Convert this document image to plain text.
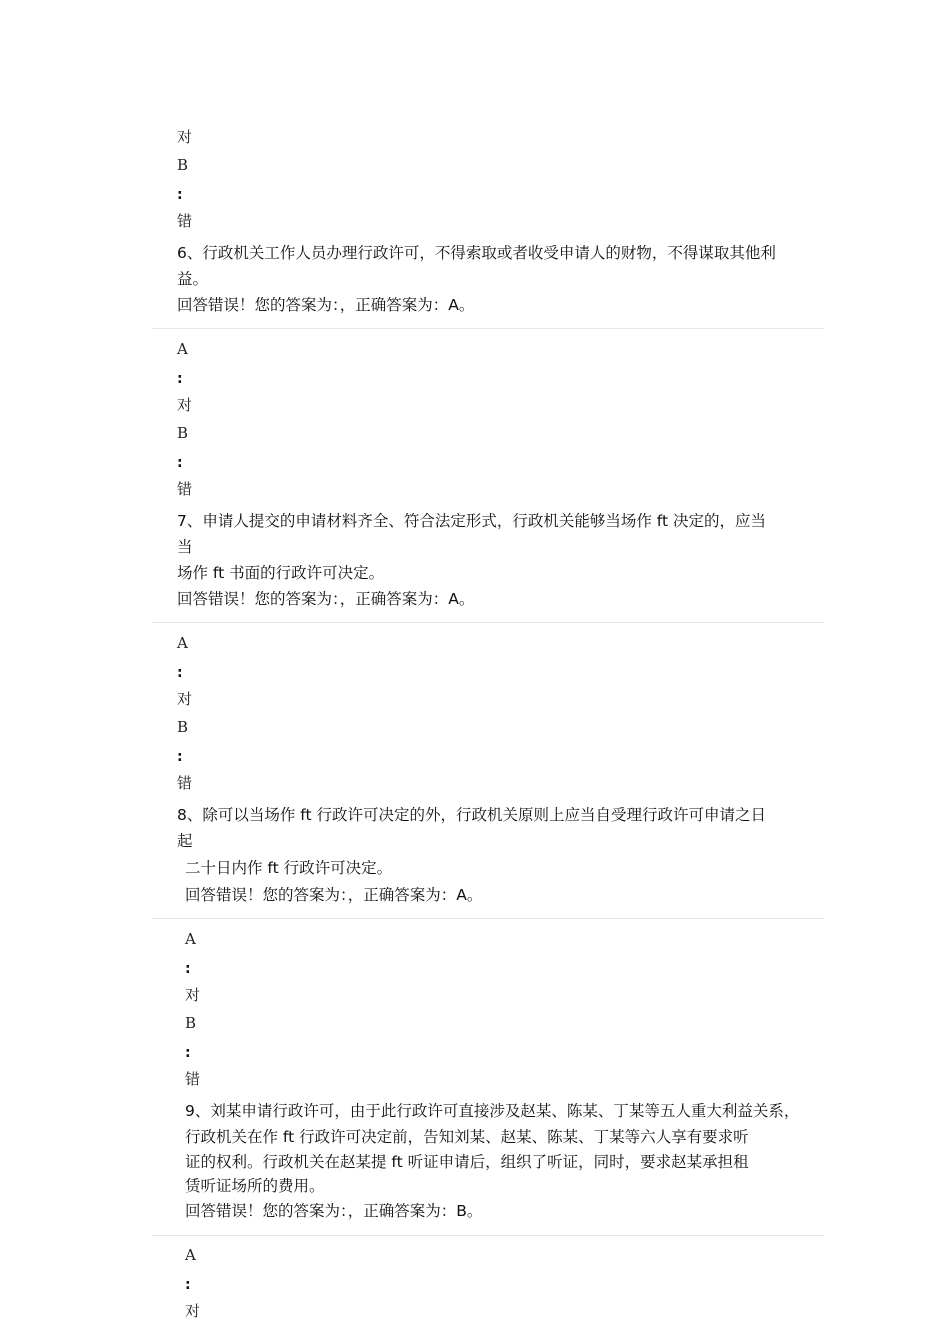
对
B
:
错
6、行政机关工作人员办理行政许可，不得索取或者收受申请人的财物，不得谋取其他利
益。
回答错误！您的答案为：，正确答案为：A。
A
:
对
B
:
错
7、申请人提交的申请材料齐全、符合法定形式，行政机关能够当场作 ft 决定的，应当
当
场作 ft 书面的行政许可决定。
回答错误！您的答案为：，正确答案为：A。
A
:
对
B
:
错
8、除可以当场作 ft 行政许可决定的外，行政机关原则上应当自受理行政许可申请之日
起
二十日内作 ft 行政许可决定。
回答错误！您的答案为：，正确答案为：A。
A
:
对
B
:
错
9、刘某申请行政许可，由于此行政许可直接涉及赵某、陈某、丁某等五人重大利益关系，
行政机关在作 ft 行政许可决定前，告知刘某、赵某、陈某、丁某等六人享有要求听
证的权利。行政机关在赵某提 ft 听证申请后，组织了听证，同时，要求赵某承担租
赁听证场所的费用。
回答错误！您的答案为：，正确答案为：B。
A
:
对
